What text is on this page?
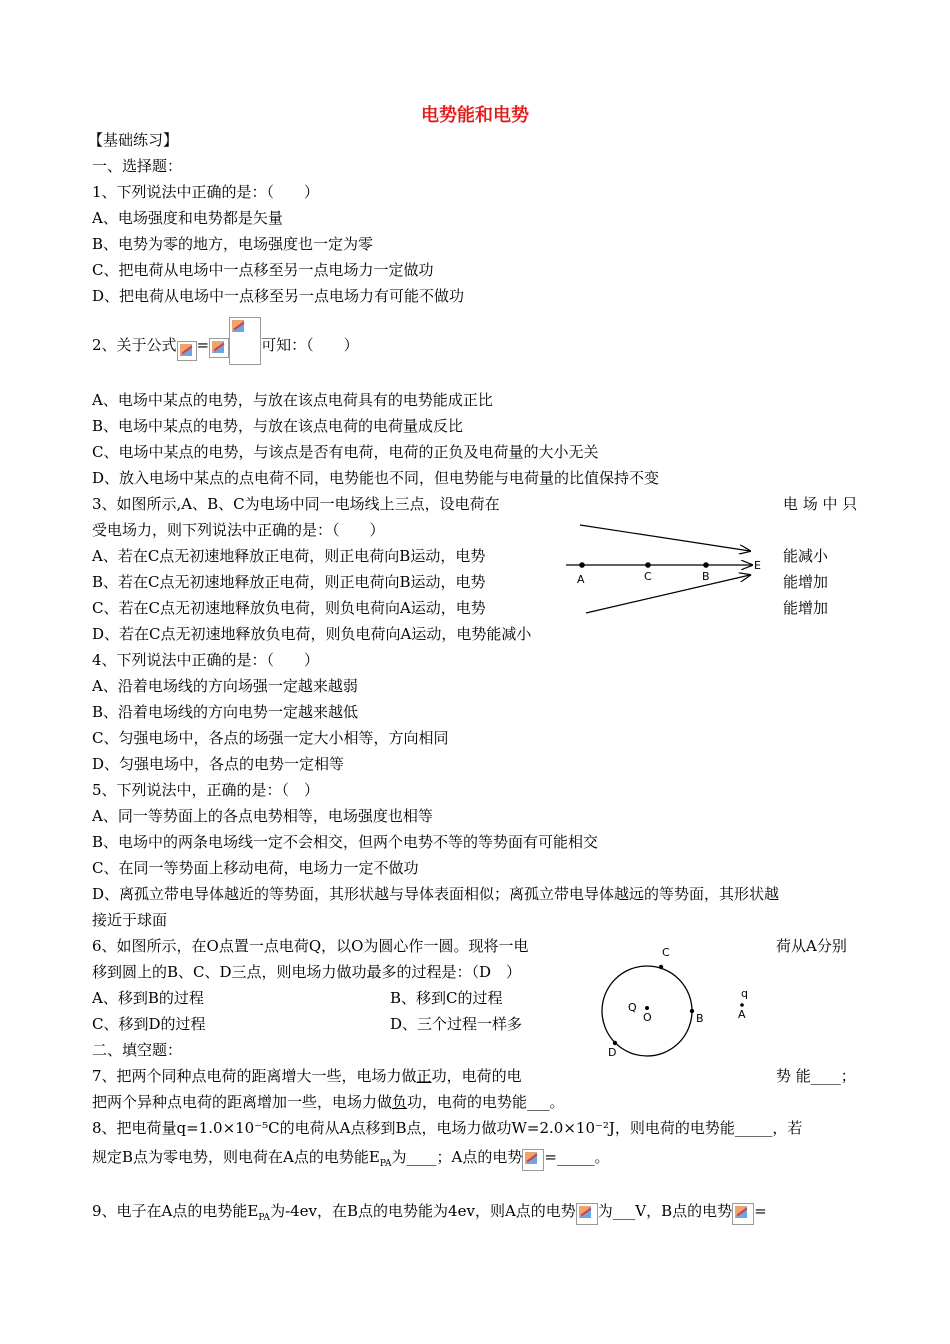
电势能和电势
【基础练习】
一、选择题：
1、下列说法中正确的是：（　　）
A、电场强度和电势都是矢量
B、电势为零的地方，电场强度也一定为零
C、把电荷从电场中一点移至另一点电场力一定做功
D、把电荷从电场中一点移至另一点电场力有可能不做功
2、关于公式 =	可知：（　　）
A、电场中某点的电势，与放在该点电荷具有的电势能成正比
B、电场中某点的电势，与放在该点电荷的电荷量成反比
C、电场中某点的电势，与该点是否有电荷，电荷的正负及电荷量的大小无关
D、放入电场中某点的点电荷不同，电势能也不同，但电势能与电荷量的比值保持不变
3、如图所示,A、B、C为电场中同一电场线上三点，设电荷在	电 场 中 只
受电场力，则下列说法中正确的是：（　　）
A、若在C点无初速地释放正电荷，则正电荷向B运动，电势	能减小
B、若在C点无初速地释放正电荷，则正电荷向B运动，电势	能增加
C、若在C点无初速地释放负电荷，则负电荷向A运动，电势	能增加
D、若在C点无初速地释放负电荷，则负电荷向A运动，电势能减小
A	C	B
E
4、下列说法中正确的是：（　　）
A、沿着电场线的方向场强一定越来越弱
B、沿着电场线的方向电势一定越来越低
C、匀强电场中，各点的场强一定大小相等，方向相同
D、匀强电场中，各点的电势一定相等
5、下列说法中，正确的是：（　）
A、同一等势面上的各点电势相等，电场强度也相等
B、电场中的两条电场线一定不会相交，但两个电势不等的等势面有可能相交
C、在同一等势面上移动电荷，电场力一定不做功
D、离孤立带电导体越近的等势面，其形状越与导体表面相似；离孤立带电导体越远的等势面，其形状越
接近于球面
6、如图所示，在O点置一点电荷Q，以O为圆心作一圆。现将一电	荷从A分别
移到圆上的B、C、D三点，则电场力做功最多的过程是：（D　）
A、移到B的过程	B、移到C的过程
C、移到D的过程	D、三个过程一样多
C
Q
O	B
q
A
D
二、填空题：
7、把两个同种点电荷的距离增大一些，电场力做正功，电荷的电	势 能____；
把两个异种点电荷的距离增加一些，电场力做负功，电荷的电势能___。
8、把电荷量q=1.0×10⁻⁵C的电荷从A点移到B点，电场力做功W=2.0×10⁻²J，则电荷的电势能_____，若
规定B点为零电势，则电荷在A点的电势能$E_{PA}$为____；A点的电势 =_____。
9、电子在A点的电势能$E_{PA}$为-4ev，在B点的电势能为4ev，则A点的电势 为___V，B点的电势 =
